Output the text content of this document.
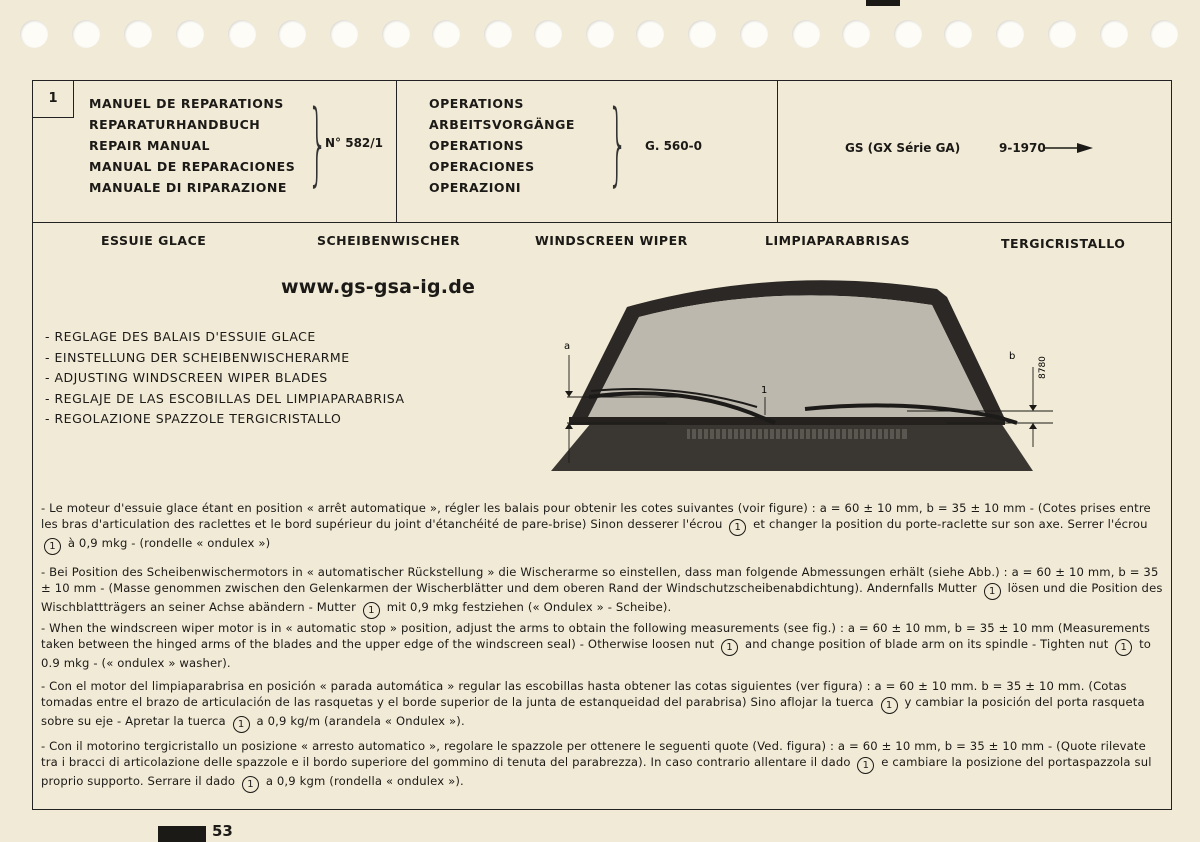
1	MANUEL DE REPARATIONS
REPARATURHANDBUCH
REPAIR MANUAL
MANUAL DE REPARACIONES
MANUALE DI RIPARAZIONE }
N° 582/1
OPERATIONS
ARBEITSVORGÄNGE
OPERATIONS
OPERACIONES
OPERAZIONI } G. 560-0	GS (GX Série GA)	9-1970
ESSUIE GLACE	SCHEIBENWISCHER	WINDSCREEN WIPER	LIMPIAPARABRISAS	TERGICRISTALLO
www.gs-gsa-ig.de
- REGLAGE DES BALAIS D'ESSUIE GLACE
- EINSTELLUNG DER SCHEIBENWISCHERARME
- ADJUSTING WINDSCREEN WIPER BLADES
- REGLAJE DE LAS ESCOBILLAS DEL LIMPIAPARABRISA
- REGOLAZIONE SPAZZOLE TERGICRISTALLO
a
b
1
8780
- Le moteur d'essuie glace étant en position « arrêt automatique », régler les balais pour obtenir les cotes suivantes (voir figure) : a = 60 ± 10 mm, b = 35 ± 10 mm - (Cotes prises entre les bras d'articulation des raclettes et le bord supérieur du joint d'étanchéité de pare-brise) Sinon desserer l'écrou 1 et changer la position du porte-raclette sur son axe. Serrer l'écrou 1 à 0,9 mkg - (rondelle « ondulex »)
- Bei Position des Scheibenwischermotors in « automatischer Rückstellung » die Wischerarme so einstellen, dass man folgende Abmessungen erhält (siehe Abb.) : a = 60 ± 10 mm, b = 35 ± 10 mm - (Masse genommen zwischen den Gelenkarmen der Wischerblätter und dem oberen Rand der Windschutzscheibenabdichtung). Andernfalls Mutter 1 lösen und die Position des Wischblattträgers an seiner Achse abändern - Mutter 1 mit 0,9 mkg festziehen (« Ondulex » - Scheibe).
- When the windscreen wiper motor is in « automatic stop » position, adjust the arms to obtain the following measurements (see fig.) : a = 60 ± 10 mm, b = 35 ± 10 mm (Measurements taken between the hinged arms of the blades and the upper edge of the windscreen seal) - Otherwise loosen nut 1 and change position of blade arm on its spindle - Tighten nut 1 to 0.9 mkg - (« ondulex » washer).
- Con el motor del limpiaparabrisa en posición « parada automática » regular las escobillas hasta obtener las cotas siguientes (ver figura) : a = 60 ± 10 mm. b = 35 ± 10 mm. (Cotas tomadas entre el brazo de articulación de las rasquetas y el borde superior de la junta de estanqueidad del parabrisa) Sino aflojar la tuerca 1 y cambiar la posición del porta rasqueta sobre su eje - Apretar la tuerca 1 a 0,9 kg/m (arandela « Ondulex »).
- Con il motorino tergicristallo un posizione « arresto automatico », regolare le spazzole per ottenere le seguenti quote (Ved. figura) : a = 60 ± 10 mm, b = 35 ± 10 mm - (Quote rilevate tra i bracci di articolazione delle spazzole e il bordo superiore del gommino di tenuta del parabrezza). In caso contrario allentare il dado 1 e cambiare la posizione del portaspazzola sul proprio supporto. Serrare il dado 1 a 0,9 kgm (rondella « ondulex »).
53
